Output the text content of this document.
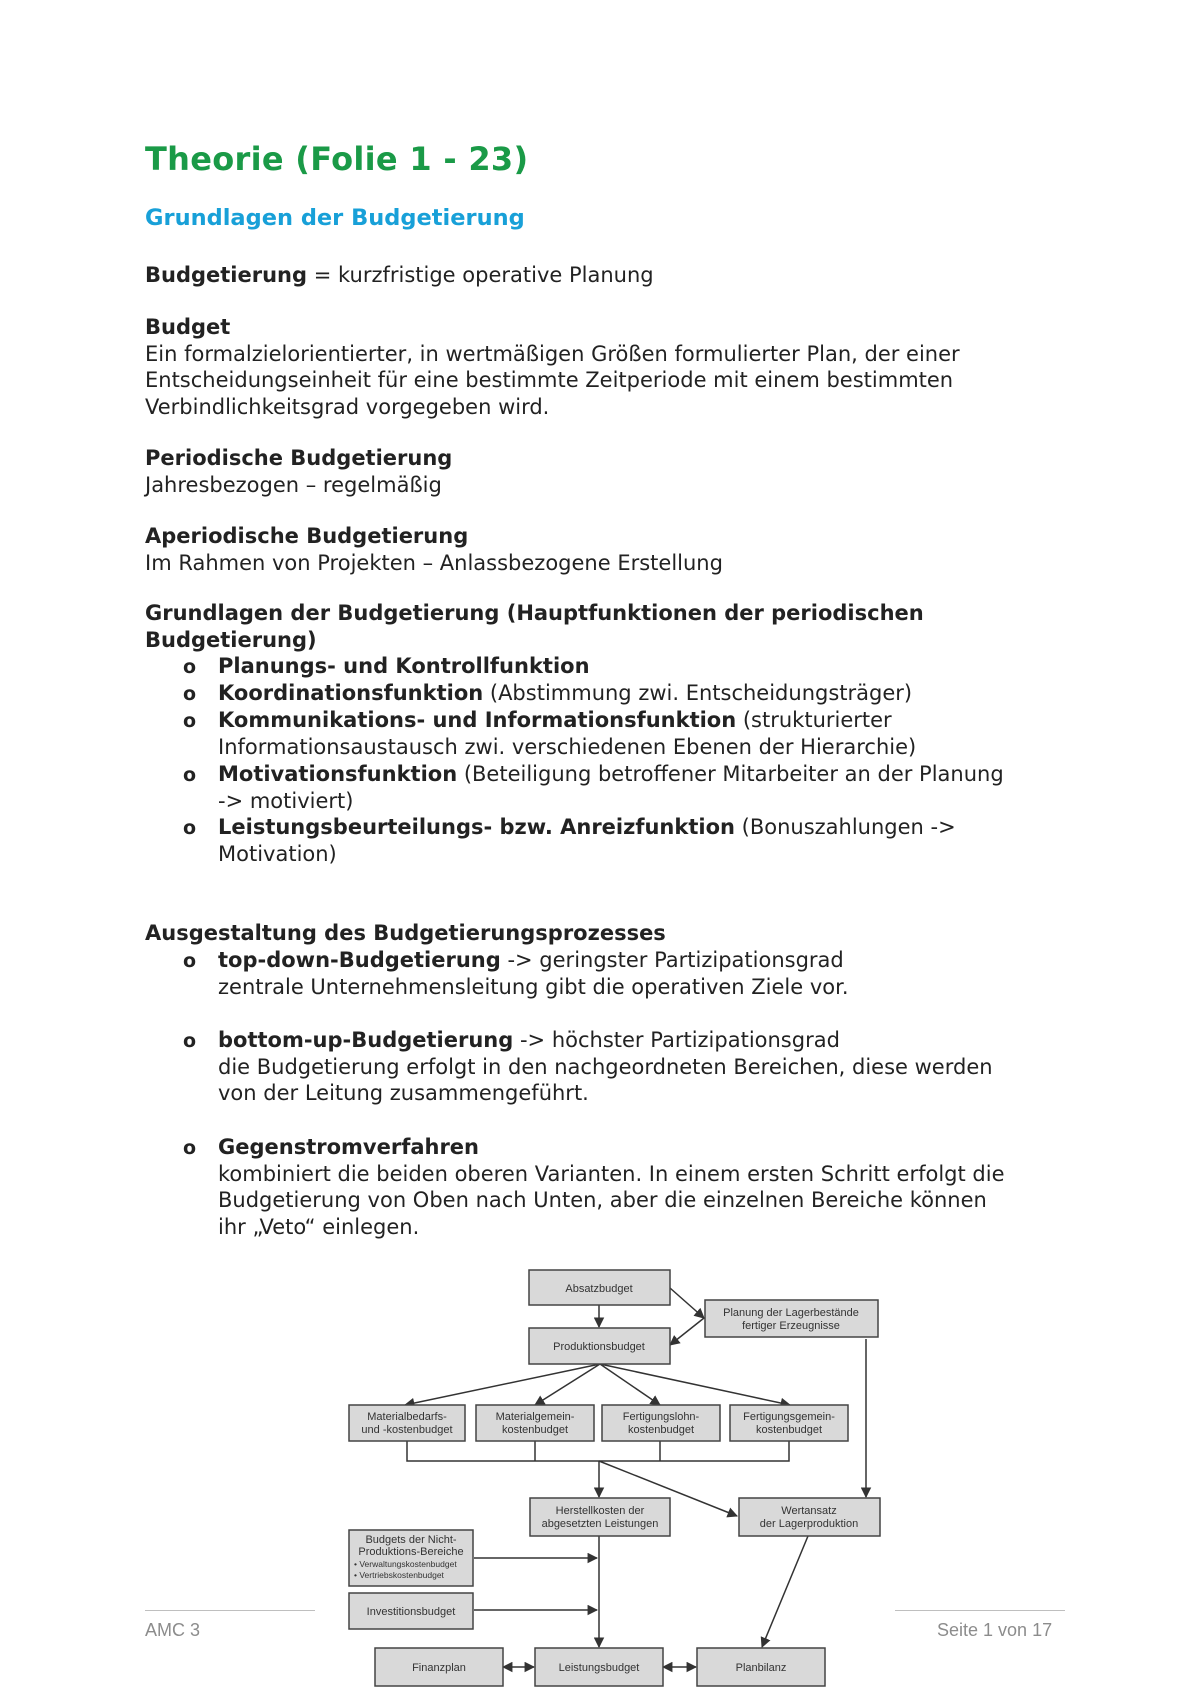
Theorie (Folie 1 - 23)
Grundlagen der Budgetierung
Budgetierung = kurzfristige operative Planung
Budget
Ein formalzielorientierter, in wertmäßigen Größen formulierter Plan, der einer
Entscheidungseinheit für eine bestimmte Zeitperiode mit einem bestimmten
Verbindlichkeitsgrad vorgegeben wird.
Periodische Budgetierung
Jahresbezogen – regelmäßig
Aperiodische Budgetierung
Im Rahmen von Projekten – Anlassbezogene Erstellung
Grundlagen der Budgetierung (Hauptfunktionen der periodischen
Budgetierung)
o Planungs- und Kontrollfunktion
o Koordinationsfunktion (Abstimmung zwi. Entscheidungsträger)
o Kommunikations- und Informationsfunktion (strukturierter
Informationsaustausch zwi. verschiedenen Ebenen der Hierarchie)
o Motivationsfunktion (Beteiligung betroffener Mitarbeiter an der Planung
-> motiviert)
o Leistungsbeurteilungs- bzw. Anreizfunktion (Bonuszahlungen ->
Motivation)
Ausgestaltung des Budgetierungsprozesses
o top-down-Budgetierung -> geringster Partizipationsgrad
zentrale Unternehmensleitung gibt die operativen Ziele vor.
o bottom-up-Budgetierung -> höchster Partizipationsgrad
die Budgetierung erfolgt in den nachgeordneten Bereichen, diese werden
von der Leitung zusammengeführt.
o Gegenstromverfahren
kombiniert die beiden oberen Varianten. In einem ersten Schritt erfolgt die
Budgetierung von Oben nach Unten, aber die einzelnen Bereiche können
ihr „Veto“ einlegen.
AMC 3	Seite 1 von 17
Absatzbudget
Planung der Lagerbestände
fertiger Erzeugnisse
Produktionsbudget
Materialbedarfs-
und -kostenbudget
Materialgemein-
kostenbudget
Fertigungslohn-
kostenbudget
Fertigungsgemein-
kostenbudget
Herstellkosten der
abgesetzten Leistungen
Wertansatz
der Lagerproduktion
Budgets der Nicht-
Produktions-Bereiche
• Verwaltungskostenbudget
• Vertriebskostenbudget
Investitionsbudget
Finanzplan	Leistungsbudget	Planbilanz
